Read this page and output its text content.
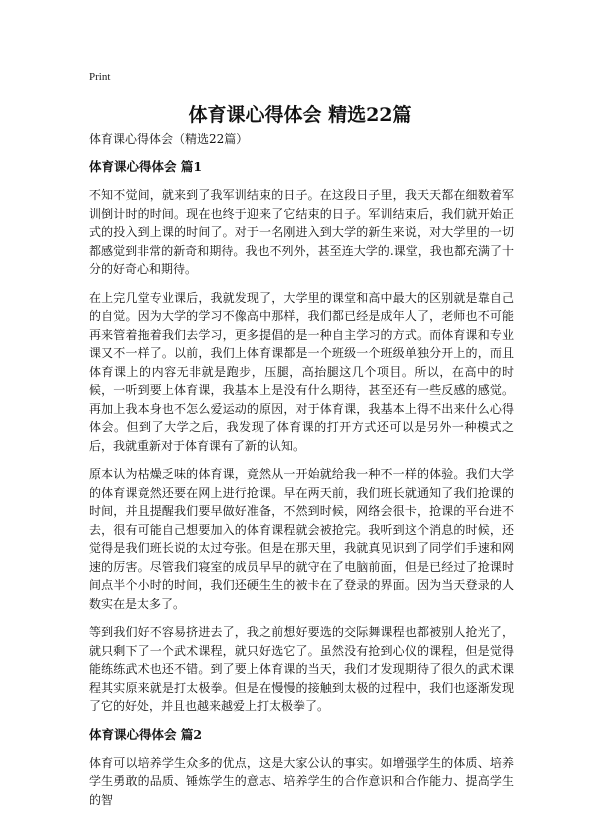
Print
体育课心得体会 精选22篇

体育课心得体会（精选22篇）

体育课心得体会 篇1

不知不觉间，就来到了我军训结束的日子。在这段日子里，我天天都在细数着军训倒计时的时间。现在也终于迎来了它结束的日子。军训结束后，我们就开始正式的投入到上课的时间了。对于一名刚进入到大学的新生来说，对大学里的一切都感觉到非常的新奇和期待。我也不列外，甚至连大学的.课堂，我也都充满了十分的好奇心和期待。

在上完几堂专业课后，我就发现了，大学里的课堂和高中最大的区别就是靠自己的自觉。因为大学的学习不像高中那样，我们都已经是成年人了，老师也不可能再来管着拖着我们去学习，更多提倡的是一种自主学习的方式。而体育课和专业课又不一样了。以前，我们上体育课都是一个班级一个班级单独分开上的，而且体育课上的内容无非就是跑步，压腿，高抬腿这几个项目。所以，在高中的时候，一听到要上体育课，我基本上是没有什么期待，甚至还有一些反感的感觉。再加上我本身也不怎么爱运动的原因，对于体育课，我基本上得不出来什么心得体会。但到了大学之后，我发现了体育课的打开方式还可以是另外一种模式之后，我就重新对于体育课有了新的认知。

原本认为枯燥乏味的体育课，竟然从一开始就给我一种不一样的体验。我们大学的体育课竟然还要在网上进行抢课。早在两天前，我们班长就通知了我们抢课的时间，并且提醒我们要早做好准备，不然到时候，网络会很卡，抢课的平台进不去，很有可能自己想要加入的体育课程就会被抢完。我听到这个消息的时候，还觉得是我们班长说的太过夸张。但是在那天里，我就真见识到了同学们手速和网速的厉害。尽管我们寝室的成员早早的就守在了电脑前面，但是已经过了抢课时间点半个小时的时间，我们还硬生生的被卡在了登录的界面。因为当天登录的人数实在是太多了。

等到我们好不容易挤进去了，我之前想好要选的交际舞课程也都被别人抢光了，就只剩下了一个武术课程，就只好选它了。虽然没有抢到心仪的课程，但是觉得能练练武术也还不错。到了要上体育课的当天，我们才发现期待了很久的武术课程其实原来就是打太极拳。但是在慢慢的接触到太极的过程中，我们也逐渐发现了它的好处，并且也越来越爱上打太极拳了。

体育课心得体会 篇2

体育可以培养学生众多的优点，这是大家公认的事实。如增强学生的体质、培养学生勇敢的品质、锤炼学生的意志、培养学生的合作意识和合作能力、提高学生的智
